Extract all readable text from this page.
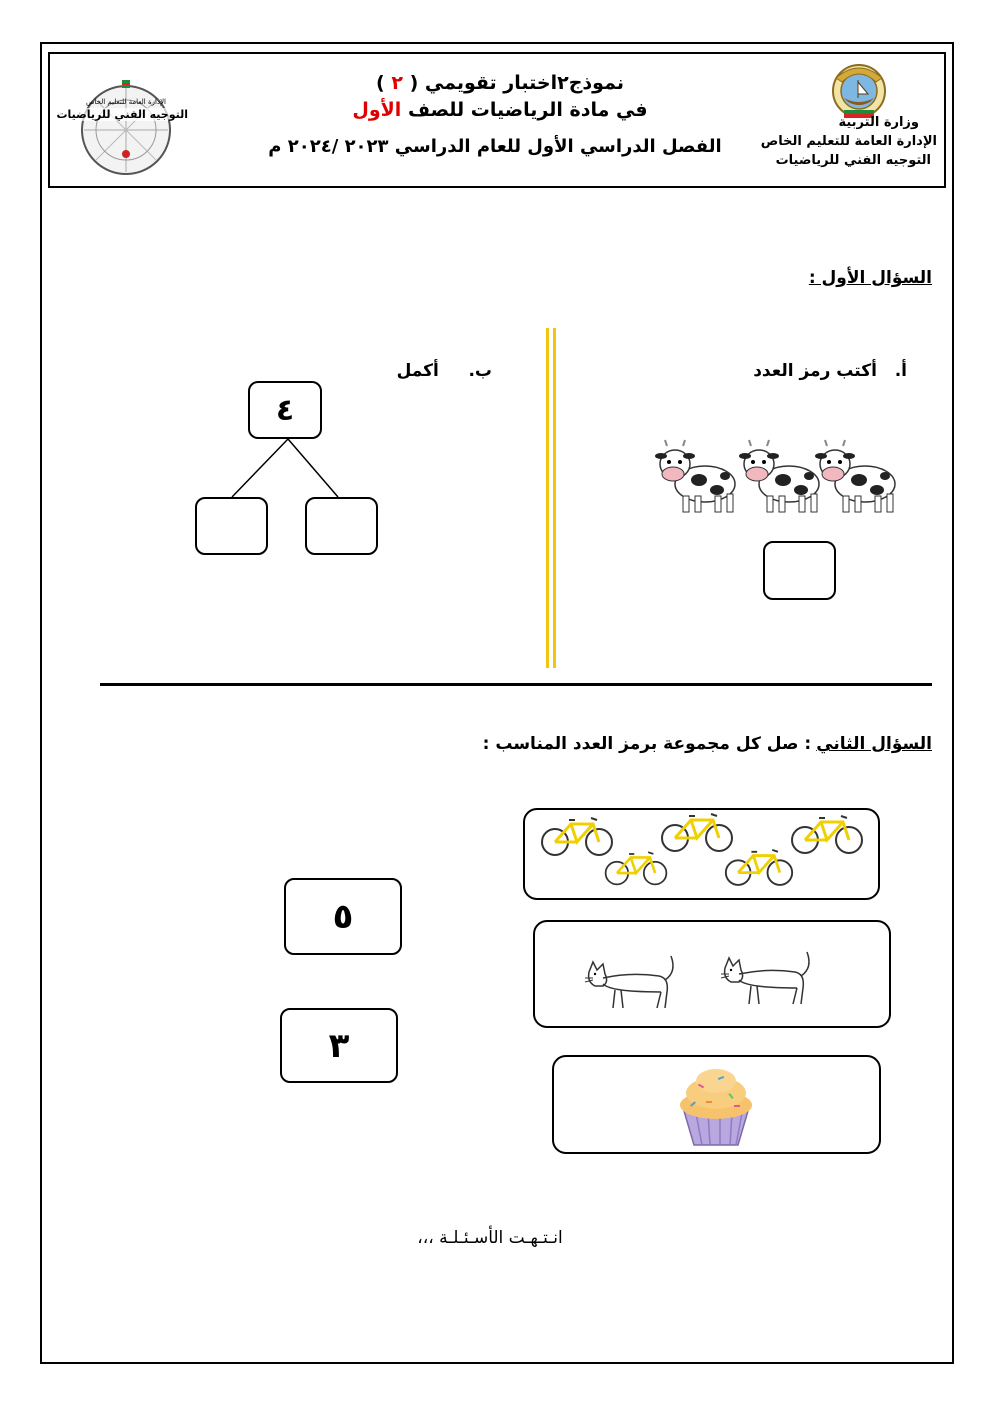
وزارة التربية
الإدارة العامة للتعليم الخاص
التوجيه الفني للرياضيات
نموذج٢اختبار تقويمي ( ٢ )
في مادة الرياضيات للصف الأول
الفصل الدراسي الأول للعام الدراسي ٢٠٢٣ /٢٠٢٤ م
الإدارة العامة للتعليم الخاص
التوجيه الفني للرياضيات
السؤال الأول :
أ.   أكتب رمز العدد
ب.     أكمل
٤
السؤال الثاني : صل كل مجموعة برمز العدد المناسب :
٥
٣
انـتـهـت الأسـئـلـة ،،،
